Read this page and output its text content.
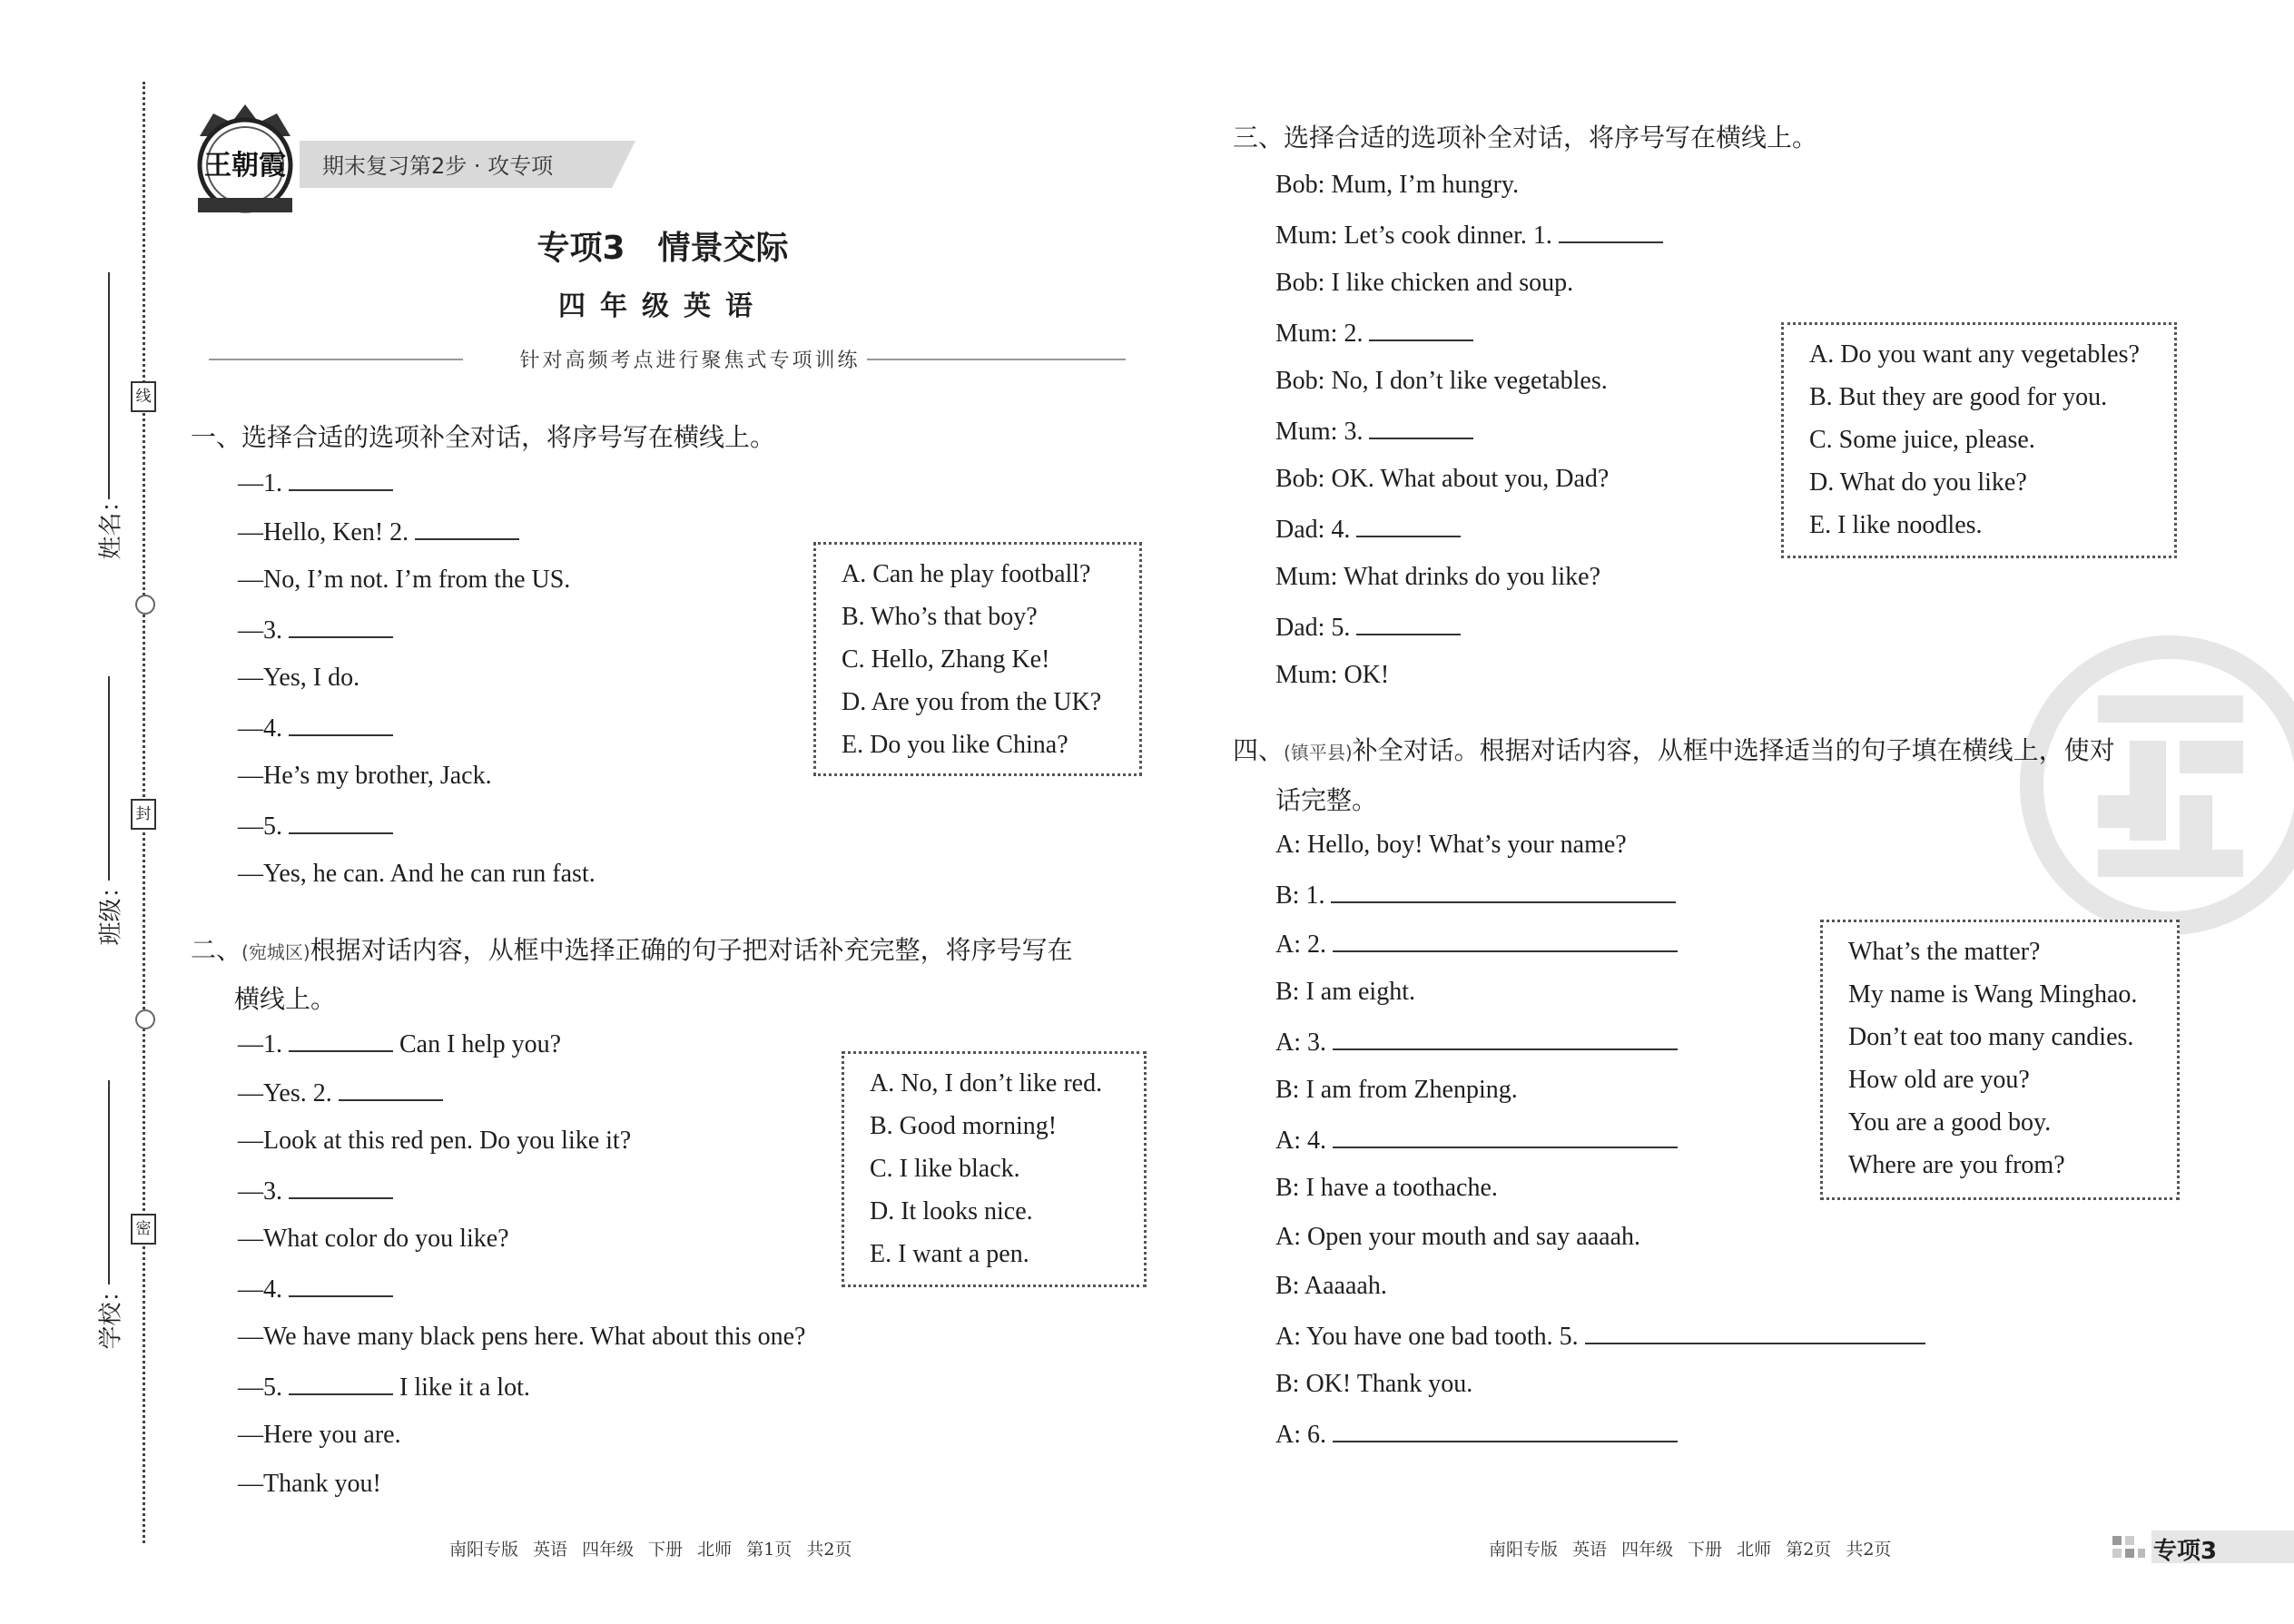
线
封
密
姓名：
班级：
学校：
王朝霞 期末复习第2步 · 攻专项
专项3　情景交际
四年级英语
针对高频考点进行聚焦式专项训练
一、选择合适的选项补全对话，将序号写在横线上。
—1.
—Hello, Ken! 2.
—No, I’m not. I’m from the US.
—3.
—Yes, I do.
—4.
—He’s my brother, Jack.
—5.
—Yes, he can. And he can run fast.
A. Can he play football?
B. Who’s that boy?
C. Hello, Zhang Ke!
D. Are you from the UK?
E. Do you like China?
二、(宛城区)根据对话内容，从框中选择正确的句子把对话补充完整，将序号写在
横线上。
—1.	Can I help you?
—Yes. 2.
—Look at this red pen. Do you like it?
—3.
—What color do you like?
—4.
—We have many black pens here. What about this one?
—5.	I like it a lot.
—Here you are.
—Thank you!
A. No, I don’t like red.
B. Good morning!
C. I like black.
D. It looks nice.
E. I want a pen.
南阳专版 英语 四年级 下册 北师 第1页 共2页
三、选择合适的选项补全对话，将序号写在横线上。
Bob: Mum, I’m hungry.
Mum: Let’s cook dinner. 1.
Bob: I like chicken and soup.
Mum: 2.
Bob: No, I don’t like vegetables.
Mum: 3.
Bob: OK. What about you, Dad?
Dad: 4.
Mum: What drinks do you like?
Dad: 5.
Mum: OK!
A. Do you want any vegetables?
B. But they are good for you.
C. Some juice, please.
D. What do you like?
E. I like noodles.
四、(镇平县)补全对话。根据对话内容，从框中选择适当的句子填在横线上，使对
话完整。
A: Hello, boy! What’s your name?
B: 1.
A: 2.
B: I am eight.
A: 3.
B: I am from Zhenping.
A: 4.
B: I have a toothache.
A: Open your mouth and say aaaah.
B: Aaaaah.
A: You have one bad tooth. 5.
B: OK! Thank you.
A: 6.
What’s the matter?
My name is Wang Minghao.
Don’t eat too many candies.
How old are you?
You are a good boy.
Where are you from?
南阳专版 英语 四年级 下册 北师 第2页 共2页	专项3
